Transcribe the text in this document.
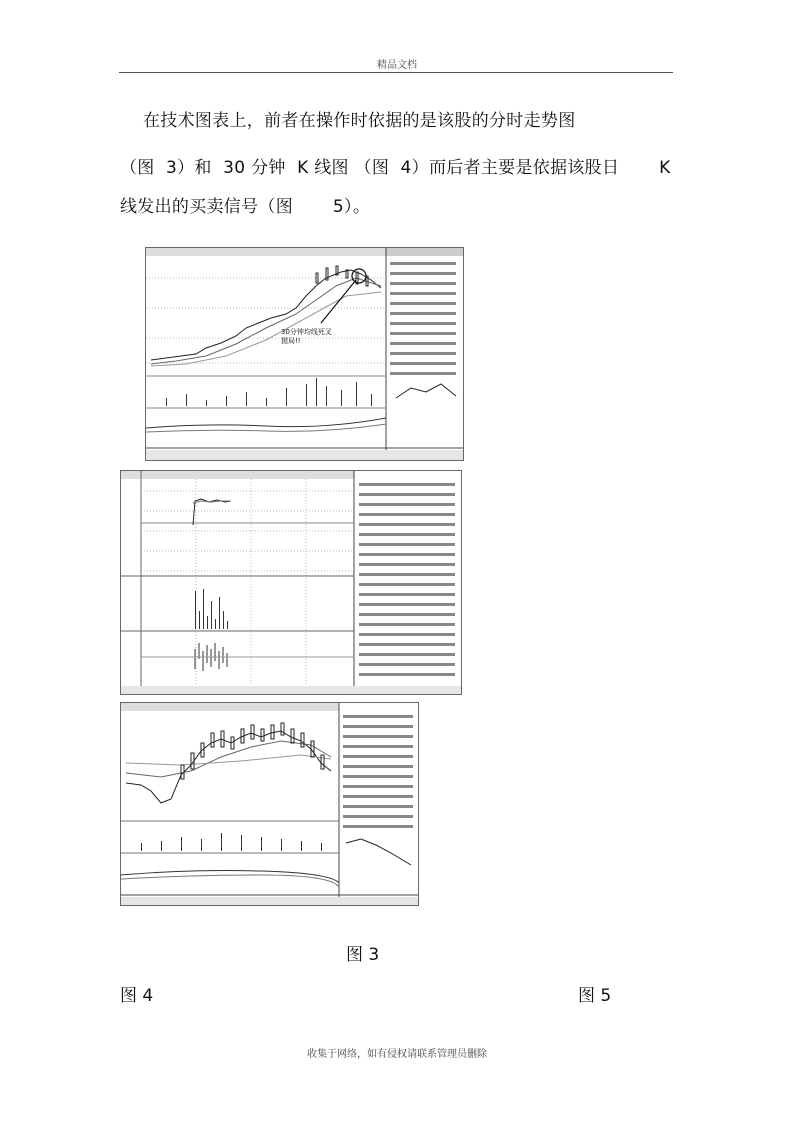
精品文档
在技术图表上，前者在操作时依据的是该股的分时走势图
（图  3）和  30 分钟  K 线图 （图  4）而后者主要是依据该股日       K
线发出的买卖信号（图       5）。
30分钟均线死叉拋局!!
图 3
图 4	图 5
收集于网络，如有侵权请联系管理员删除
